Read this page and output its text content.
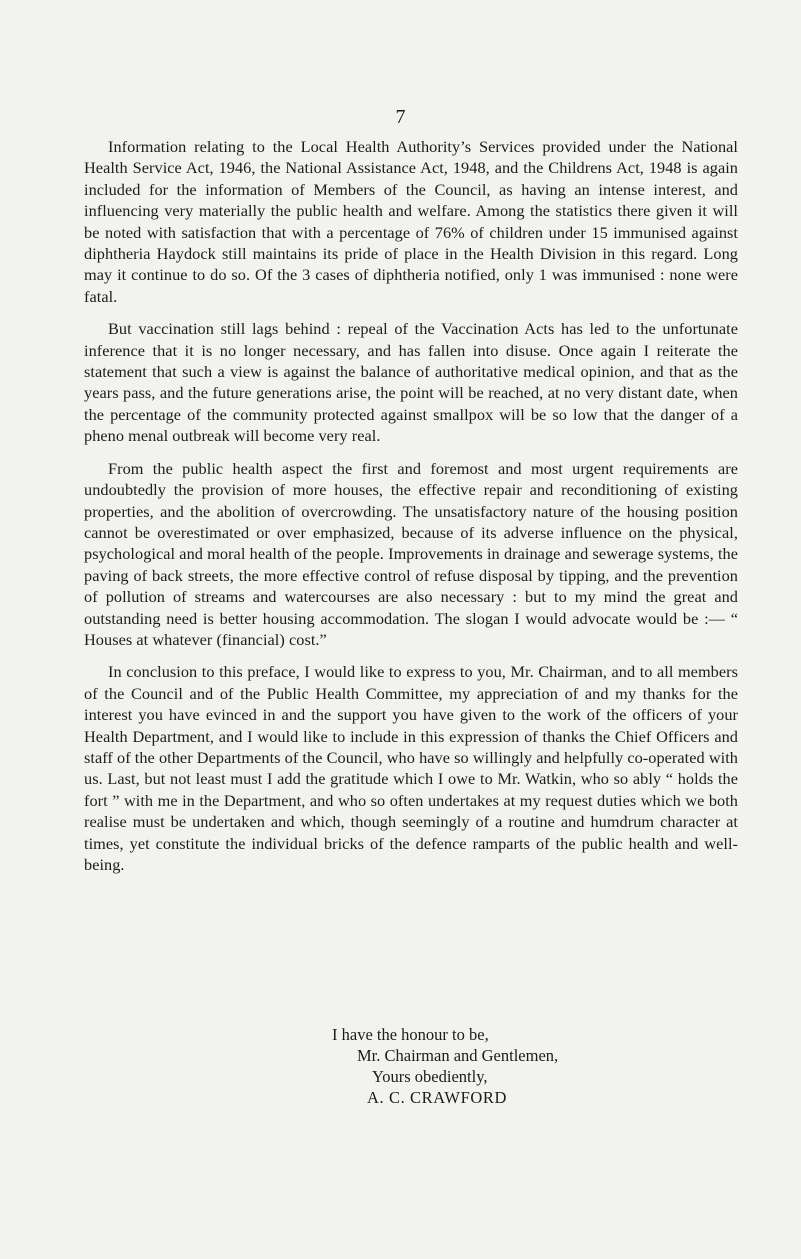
7

Information relating to the Local Health Authority’s Services provided under the National Health Service Act, 1946, the National Assistance Act, 1948, and the Childrens Act, 1948 is again included for the information of Members of the Council, as having an intense interest, and influencing very materially the public health and welfare. Among the statistics there given it will be noted with satisfaction that with a percentage of 76% of children under 15 immunised against diphtheria Haydock still maintains its pride of place in the Health Division in this regard. Long may it continue to do so. Of the 3 cases of diphtheria notified, only 1 was immunised : none were fatal.

But vaccination still lags behind : repeal of the Vaccination Acts has led to the unfortunate inference that it is no longer necessary, and has fallen into disuse. Once again I reiterate the statement that such a view is against the balance of authoritative medical opinion, and that as the years pass, and the future generations arise, the point will be reached, at no very distant date, when the percentage of the community protected against smallpox will be so low that the danger of a pheno menal outbreak will become very real.

From the public health aspect the first and foremost and most urgent requirements are undoubtedly the provision of more houses, the effective repair and reconditioning of existing properties, and the abolition of overcrowding. The unsatisfactory nature of the housing position cannot be overestimated or over emphasized, because of its adverse influence on the physical, psychological and moral health of the people. Improvements in drainage and sewerage systems, the paving of back streets, the more effective control of refuse disposal by tipping, and the prevention of pollution of streams and watercourses are also necessary : but to my mind the great and outstanding need is better housing accommodation. The slogan I would advocate would be :— “ Houses at whatever (financial) cost.”

In conclusion to this preface, I would like to express to you, Mr. Chairman, and to all members of the Council and of the Public Health Committee, my appreciation of and my thanks for the interest you have evinced in and the support you have given to the work of the officers of your Health Department, and I would like to include in this expression of thanks the Chief Officers and staff of the other Departments of the Council, who have so willingly and helpfully co-operated with us. Last, but not least must I add the gratitude which I owe to Mr. Watkin, who so ably “ holds the fort ” with me in the Department, and who so often undertakes at my request duties which we both realise must be undertaken and which, though seemingly of a routine and humdrum character at times, yet constitute the individual bricks of the defence ramparts of the public health and well-being.

I have the honour to be,
Mr. Chairman and Gentlemen,
Yours obediently,
A. C. CRAWFORD
